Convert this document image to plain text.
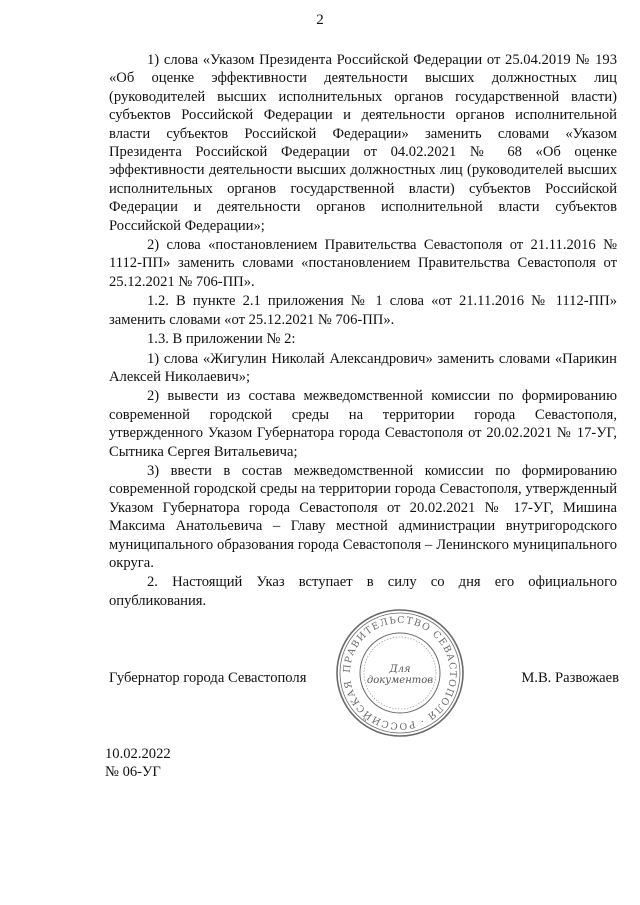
2

1) слова «Указом Президента Российской Федерации от 25.04.2019 № 193 «Об оценке эффективности деятельности высших должностных лиц (руководителей высших исполнительных органов государственной власти) субъектов Российской Федерации и деятельности органов исполнительной власти субъектов Российской Федерации» заменить словами «Указом Президента Российской Федерации от 04.02.2021 № 68 «Об оценке эффективности деятельности высших должностных лиц (руководителей высших исполнительных органов государственной власти) субъектов Российской Федерации и деятельности органов исполнительной власти субъектов Российской Федерации»;

2) слова «постановлением Правительства Севастополя от 21.11.2016 № 1112-ПП» заменить словами «постановлением Правительства Севастополя от 25.12.2021 № 706-ПП».

1.2. В пункте 2.1 приложения № 1 слова «от 21.11.2016 № 1112-ПП» заменить словами «от 25.12.2021 № 706-ПП».

1.3. В приложении № 2:

1) слова «Жигулин Николай Александрович» заменить словами «Парикин Алексей Николаевич»;

2) вывести из состава межведомственной комиссии по формированию современной городской среды на территории города Севастополя, утвержденного Указом Губернатора города Севастополя от 20.02.2021 № 17-УГ, Сытника Сергея Витальевича;

3) ввести в состав межведомственной комиссии по формированию современной городской среды на территории города Севастополя, утвержденный Указом Губернатора города Севастополя от 20.02.2021 № 17-УГ, Мишина Максима Анатольевича – Главу местной администрации внутригородского муниципального образования города Севастополя – Ленинского муниципального округа.

2. Настоящий Указ вступает в силу со дня его официального опубликования.

ПРАВИТЕЛЬСТВО СЕВАСТОПОЛЯ · РОССИЙСКАЯ
Для
документов
Губернатор города Севастополя	М.В. Развожаев
10.02.2022
№ 06-УГ
